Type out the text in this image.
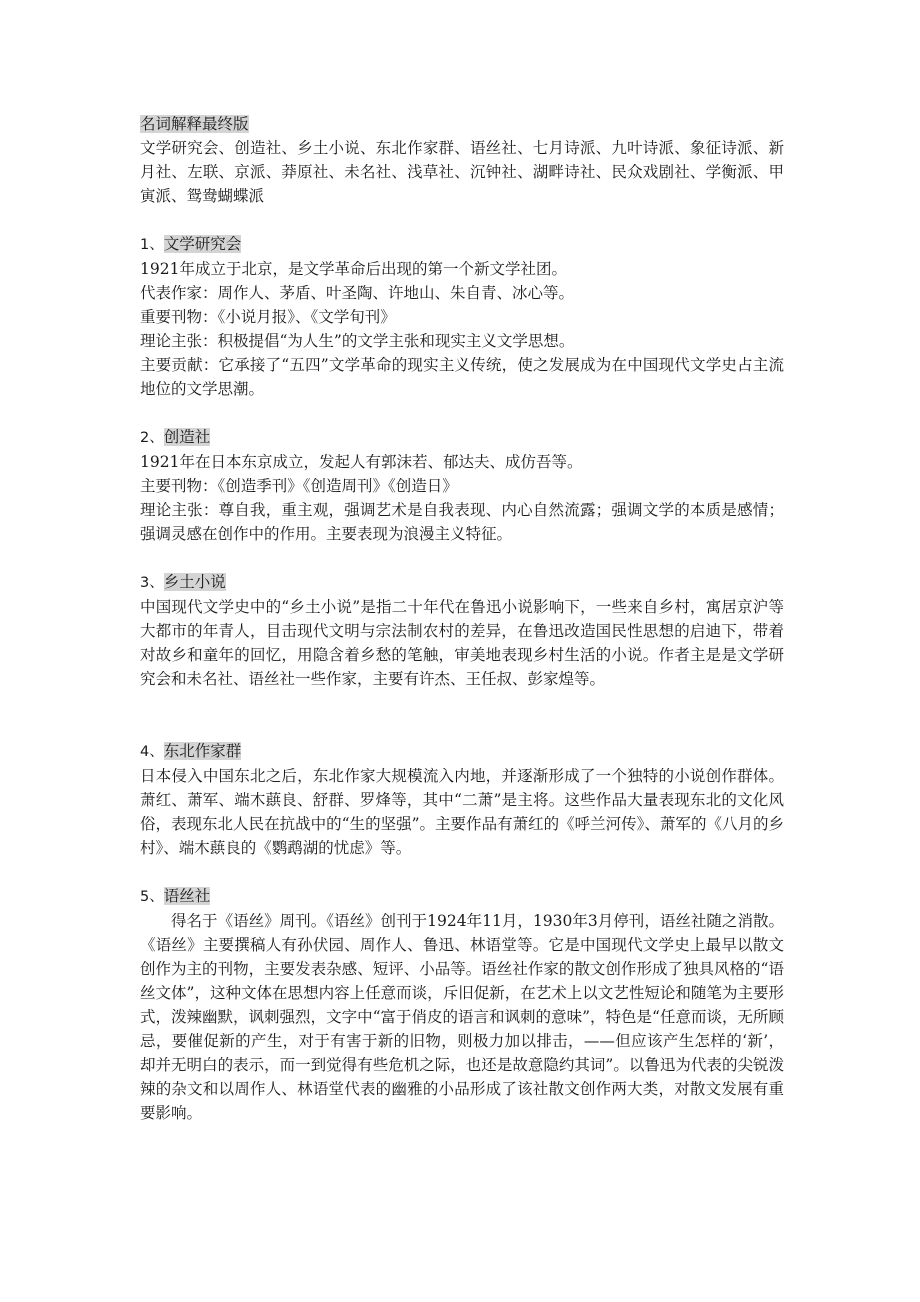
名词解释最终版

文学研究会、创造社、乡土小说、东北作家群、语丝社、七月诗派、九叶诗派、象征诗派、新月社、左联、京派、莽原社、未名社、浅草社、沉钟社、湖畔诗社、民众戏剧社、学衡派、甲寅派、鸳鸯蝴蝶派

1、文学研究会

1921年成立于北京，是文学革命后出现的第一个新文学社团。

代表作家：周作人、茅盾、叶圣陶、许地山、朱自青、冰心等。

重要刊物：《小说月报》、《文学旬刊》

理论主张：积极提倡“为人生”的文学主张和现实主义文学思想。

主要贡献：它承接了“五四”文学革命的现实主义传统，使之发展成为在中国现代文学史占主流地位的文学思潮。

2、创造社

1921年在日本东京成立，发起人有郭沫若、郁达夫、成仿吾等。

主要刊物：《创造季刊》《创造周刊》《创造日》

理论主张：尊自我，重主观，强调艺术是自我表现、内心自然流露；强调文学的本质是感情；强调灵感在创作中的作用。主要表现为浪漫主义特征。

3、乡土小说

中国现代文学史中的“乡土小说”是指二十年代在鲁迅小说影响下，一些来自乡村，寓居京沪等大都市的年青人，目击现代文明与宗法制农村的差异，在鲁迅改造国民性思想的启迪下，带着对故乡和童年的回忆，用隐含着乡愁的笔触，审美地表现乡村生活的小说。作者主是是文学研究会和未名社、语丝社一些作家，主要有许杰、王任叔、彭家煌等。

4、东北作家群

日本侵入中国东北之后，东北作家大规模流入内地，并逐渐形成了一个独特的小说创作群体。萧红、萧军、端木蕻良、舒群、罗烽等，其中“二萧”是主将。这些作品大量表现东北的文化风俗，表现东北人民在抗战中的“生的坚强”。主要作品有萧红的《呼兰河传》、萧军的《八月的乡村》、端木蕻良的《鹦鹉湖的忧虑》等。

5、语丝社

得名于《语丝》周刊。《语丝》创刊于1924年11月，1930年3月停刊，语丝社随之消散。《语丝》主要撰稿人有孙伏园、周作人、鲁迅、林语堂等。它是中国现代文学史上最早以散文创作为主的刊物，主要发表杂感、短评、小品等。语丝社作家的散文创作形成了独具风格的“语丝文体”，这种文体在思想内容上任意而谈，斥旧促新，在艺术上以文艺性短论和随笔为主要形式，泼辣幽默，讽刺强烈，文字中“富于俏皮的语言和讽刺的意味”，特色是“任意而谈，无所顾忌，要催促新的产生，对于有害于新的旧物，则极力加以排击，——但应该产生怎样的‘新’，却并无明白的表示，而一到觉得有些危机之际，也还是故意隐约其词”。以鲁迅为代表的尖锐泼辣的杂文和以周作人、林语堂代表的幽雅的小品形成了该社散文创作两大类，对散文发展有重要影响。
